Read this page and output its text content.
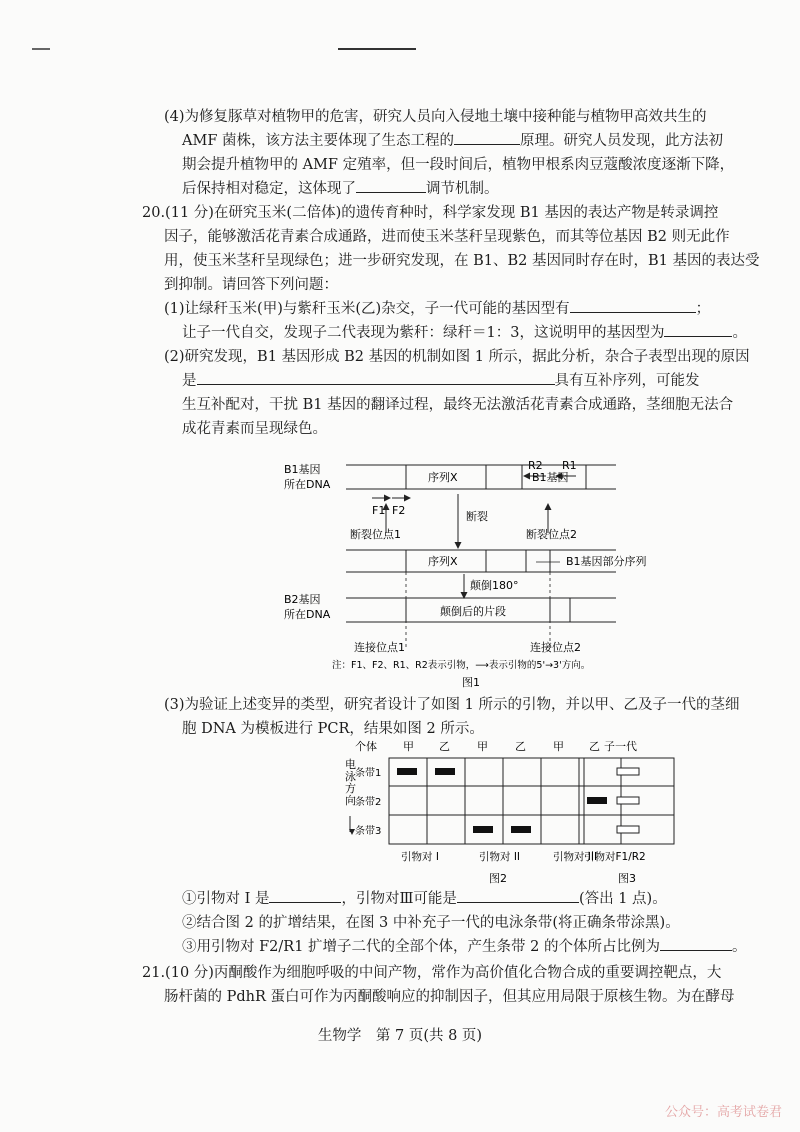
(4)为修复豚草对植物甲的危害，研究人员向入侵地土壤中接种能与植物甲高效共生的
AMF 菌株，该方法主要体现了生态工程的	原理。研究人员发现，此方法初
期会提升植物甲的 AMF 定殖率，但一段时间后，植物甲根系肉豆蔻酸浓度逐渐下降，
后保持相对稳定，这体现了	调节机制。
20.(11 分)在研究玉米(二倍体)的遗传育种时，科学家发现 B1 基因的表达产物是转录调控
因子，能够激活花青素合成通路，进而使玉米茎秆呈现紫色，而其等位基因 B2 则无此作
用，使玉米茎秆呈现绿色；进一步研究发现，在 B1、B2 基因同时存在时，B1 基因的表达受
到抑制。请回答下列问题：
(1)让绿秆玉米(甲)与紫秆玉米(乙)杂交，子一代可能的基因型有	；
让子一代自交，发现子二代表现为紫秆：绿秆＝1：3，这说明甲的基因型为	。
(2)研究发现，B1 基因形成 B2 基因的机制如图 1 所示，据此分析，杂合子表型出现的原因
是	具有互补序列，可能发
生互补配对，干扰 B1 基因的翻译过程，最终无法激活花青素合成通路，茎细胞无法合
成花青素而呈现绿色。
R2 R1
B1基因
所在DNA
序列X	B1基因
F1 F2	断裂
断裂位点1	断裂位点2
序列X	B1基因部分序列
颠倒180°
B2基因
所在DNA	颠倒后的片段
连接位点1	连接位点2
注：F1、F2、R1、R2表示引物，⟶表示引物的5'→3'方向。
图1
(3)为验证上述变异的类型，研究者设计了如图 1 所示的引物，并以甲、乙及子一代的茎细
胞 DNA 为模板进行 PCR，结果如图 2 所示。
个体 甲 乙 甲 乙 甲 乙
电泳方向
条带1
条带2
条带3
引物对 I	引物对 II	引物对 III
图2
子一代
引物对F1/R2
图3
①引物对 I 是	，引物对Ⅲ可能是	(答出 1 点)。
②结合图 2 的扩增结果，在图 3 中补充子一代的电泳条带(将正确条带涂黑)。
③用引物对 F2/R1 扩增子二代的全部个体，产生条带 2 的个体所占比例为	。
21.(10 分)丙酮酸作为细胞呼吸的中间产物，常作为高价值化合物合成的重要调控靶点，大
肠杆菌的 PdhR 蛋白可作为丙酮酸响应的抑制因子，但其应用局限于原核生物。为在酵母
生物学　第 7 页(共 8 页)
公众号：高考试卷君
